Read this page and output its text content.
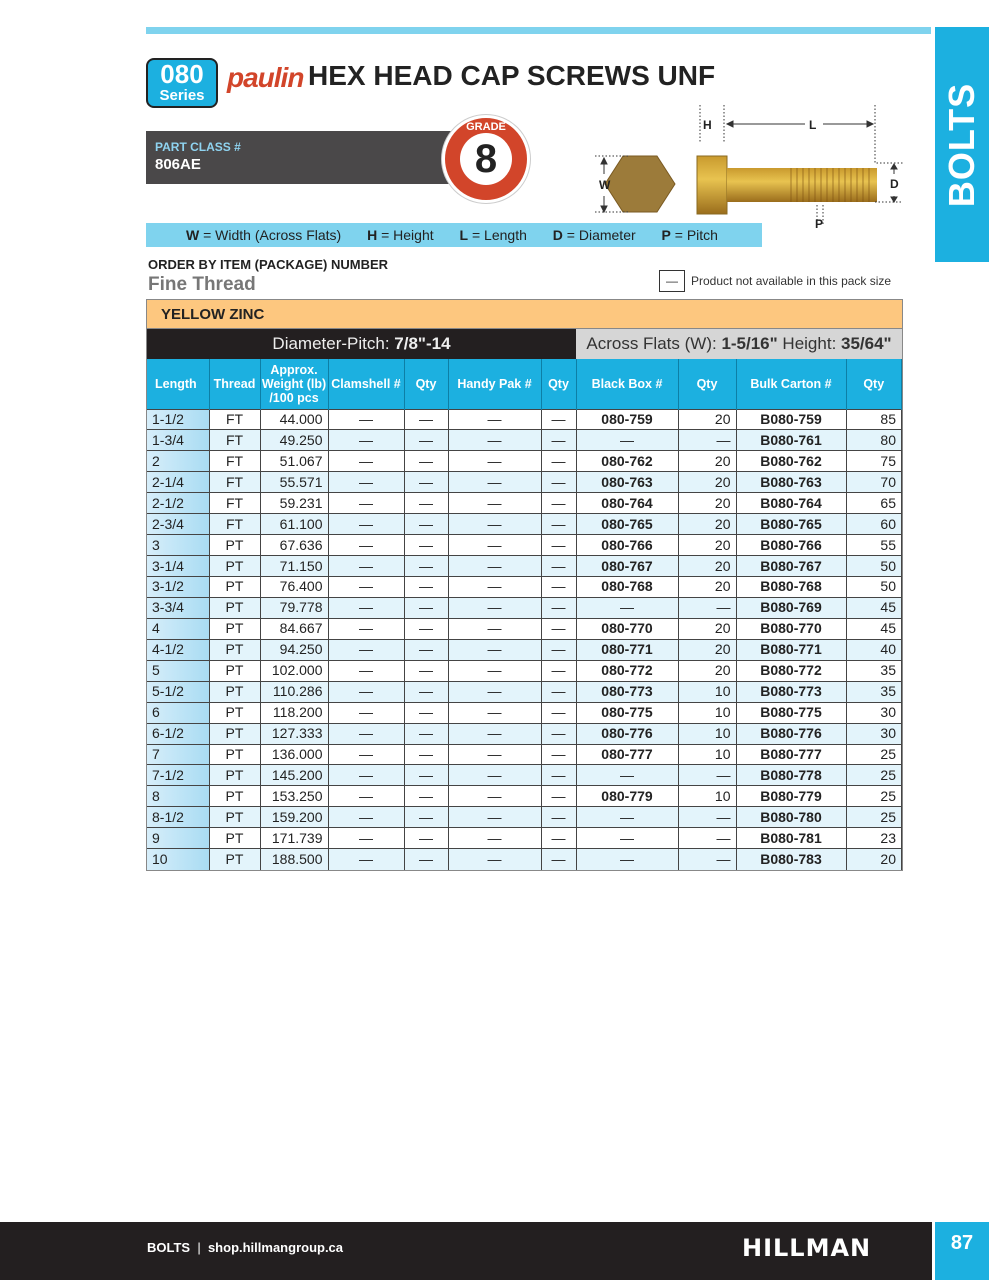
BOLTS
080
Series
paulin HEX HEAD CAP SCREWS UNF
PART CLASS #
806AE
GRADE
8
H	L
W	D
P
W = Width (Across Flats) H = Height L = Length D = Diameter P = Pitch
ORDER BY ITEM (PACKAGE) NUMBER
Fine Thread	—	Product not available in this pack size
YELLOW ZINC
Diameter-Pitch: 7/8"-14	Across Flats (W): 1-5/16" Height: 35/64"
Length	Thread	Approx. Weight (lb) /100 pcs	Clamshell #	Qty	Handy Pak #	Qty	Black Box #	Qty	Bulk Carton #	Qty
1-1/2	FT	44.000	—	—	—	—	080-759	20	B080-759	85
1-3/4	FT	49.250	—	—	—	—	—	—	B080-761	80
2	FT	51.067	—	—	—	—	080-762	20	B080-762	75
2-1/4	FT	55.571	—	—	—	—	080-763	20	B080-763	70
2-1/2	FT	59.231	—	—	—	—	080-764	20	B080-764	65
2-3/4	FT	61.100	—	—	—	—	080-765	20	B080-765	60
3	PT	67.636	—	—	—	—	080-766	20	B080-766	55
3-1/4	PT	71.150	—	—	—	—	080-767	20	B080-767	50
3-1/2	PT	76.400	—	—	—	—	080-768	20	B080-768	50
3-3/4	PT	79.778	—	—	—	—	—	—	B080-769	45
4	PT	84.667	—	—	—	—	080-770	20	B080-770	45
4-1/2	PT	94.250	—	—	—	—	080-771	20	B080-771	40
5	PT	102.000	—	—	—	—	080-772	20	B080-772	35
5-1/2	PT	110.286	—	—	—	—	080-773	10	B080-773	35
6	PT	118.200	—	—	—	—	080-775	10	B080-775	30
6-1/2	PT	127.333	—	—	—	—	080-776	10	B080-776	30
7	PT	136.000	—	—	—	—	080-777	10	B080-777	25
7-1/2	PT	145.200	—	—	—	—	—	—	B080-778	25
8	PT	153.250	—	—	—	—	080-779	10	B080-779	25
8-1/2	PT	159.200	—	—	—	—	—	—	B080-780	25
9	PT	171.739	—	—	—	—	—	—	B080-781	23
10	PT	188.500	—	—	—	—	—	—	B080-783	20
BOLTS | shop.hillmangroup.ca	HILLMAN	87
